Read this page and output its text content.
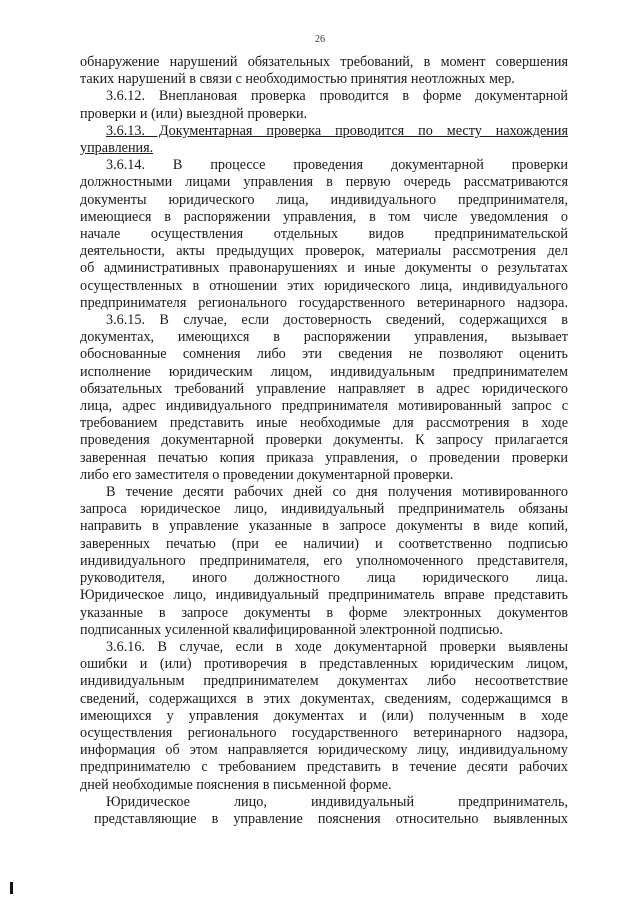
26
обнаружение нарушений обязательных требований, в момент совершения
таких нарушений в связи с необходимостью принятия неотложных мер.
3.6.12. Внеплановая проверка проводится в форме документарной
проверки и (или) выездной проверки.
3.6.13. Документарная проверка проводится по месту нахождения
управления.
3.6.14. В процессе проведения документарной проверки
должностными лицами управления в первую очередь рассматриваются
документы юридического лица, индивидуального предпринимателя,
имеющиеся в распоряжении управления, в том числе уведомления о
начале осуществления отдельных видов предпринимательской
деятельности, акты предыдущих проверок, материалы рассмотрения дел
об административных правонарушениях и иные документы о результатах
осуществленных в отношении этих юридического лица, индивидуального
предпринимателя регионального государственного ветеринарного надзора.
3.6.15. В случае, если достоверность сведений, содержащихся в
документах, имеющихся в распоряжении управления, вызывает
обоснованные сомнения либо эти сведения не позволяют оценить
исполнение юридическим лицом, индивидуальным предпринимателем
обязательных требований управление направляет в адрес юридического
лица, адрес индивидуального предпринимателя мотивированный запрос с
требованием представить иные необходимые для рассмотрения в ходе
проведения документарной проверки документы. К запросу прилагается
заверенная печатью копия приказа управления, о проведении проверки
либо его заместителя о проведении документарной проверки.
В течение десяти рабочих дней со дня получения мотивированного
запроса юридическое лицо, индивидуальный предприниматель обязаны
направить в управление указанные в запросе документы в виде копий,
заверенных печатью (при ее наличии) и соответственно подписью
индивидуального предпринимателя, его уполномоченного представителя,
руководителя, иного должностного лица юридического лица.
Юридическое лицо, индивидуальный предприниматель вправе представить
указанные в запросе документы в форме электронных документов
подписанных усиленной квалифицированной электронной подписью.
3.6.16. В случае, если в ходе документарной проверки выявлены
ошибки и (или) противоречия в представленных юридическим лицом,
индивидуальным предпринимателем документах либо несоответствие
сведений, содержащихся в этих документах, сведениям, содержащимся в
имеющихся у управления документах и (или) полученным в ходе
осуществления регионального государственного ветеринарного надзора,
информация об этом направляется юридическому лицу, индивидуальному
предпринимателю с требованием представить в течение десяти рабочих
дней необходимые пояснения в письменной форме.
Юридическое лицо, индивидуальный предприниматель,
представляющие в управление пояснения относительно выявленных
